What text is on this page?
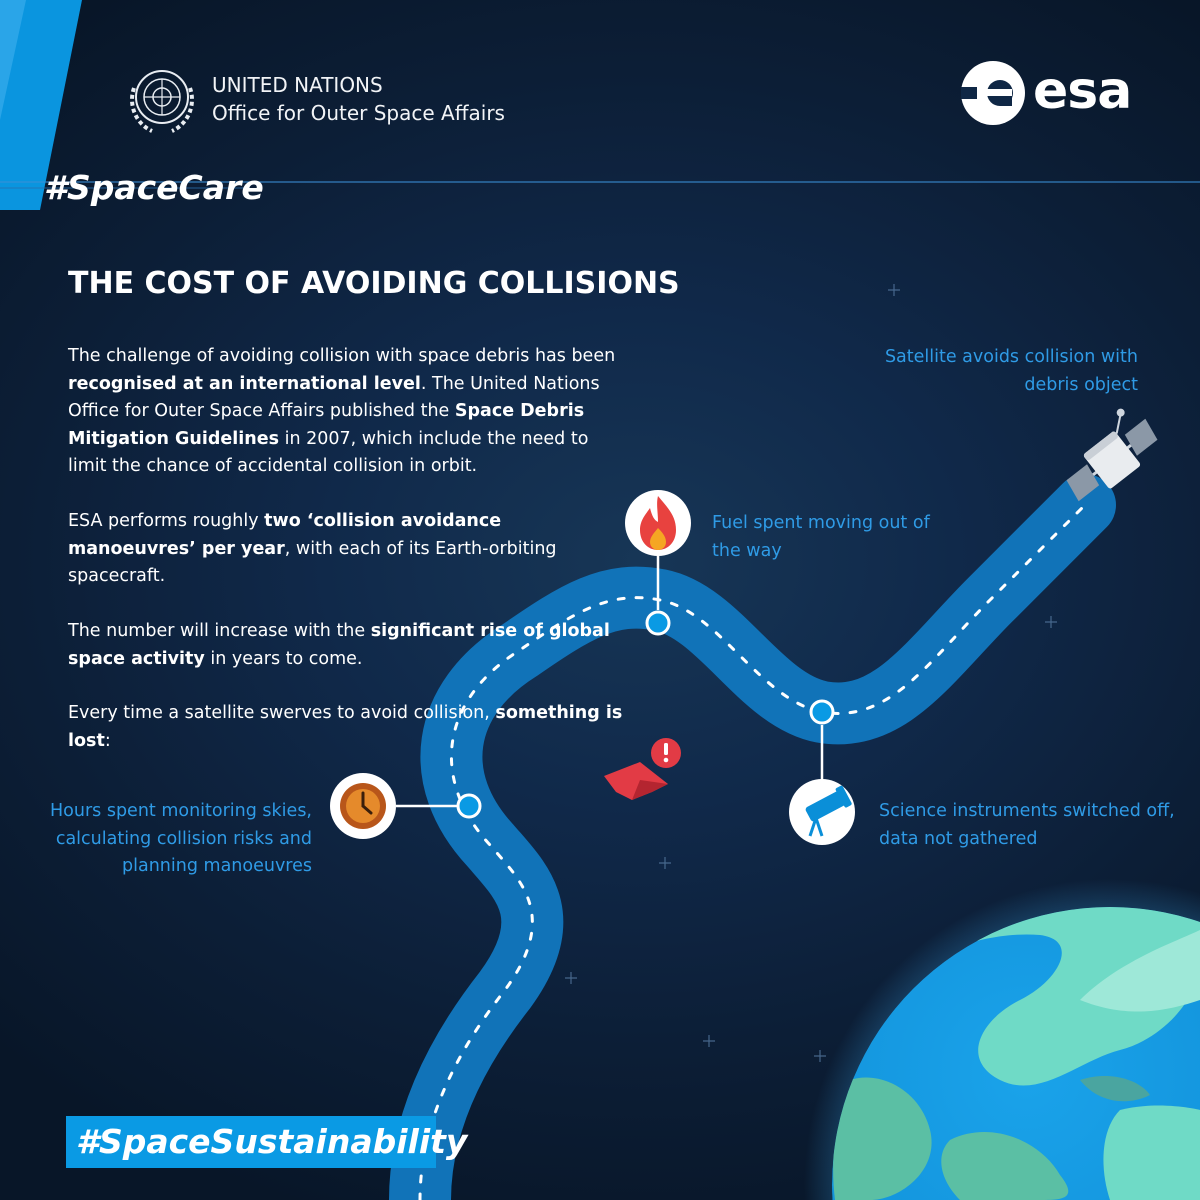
UNITED NATIONS
Office for Outer Space Affairs	esa
#SpaceCare
THE COST OF AVOIDING COLLISIONS
The challenge of avoiding collision with space debris has been recognised at an international level. The United Nations Office for Outer Space Affairs published the Space Debris Mitigation Guidelines in 2007, which include the need to limit the chance of accidental collision in orbit.
ESA performs roughly two ‘collision avoidance manoeuvres’ per year, with each of its Earth-orbiting spacecraft.
The number will increase with the significant rise of global space activity in years to come.
Every time a satellite swerves to avoid collision, something is lost:
Satellite avoids collision with debris object
Fuel spent moving out of the way
Hours spent monitoring skies, calculating collision risks and planning manoeuvres
Science instruments switched off, data not gathered
#SpaceSustainability
